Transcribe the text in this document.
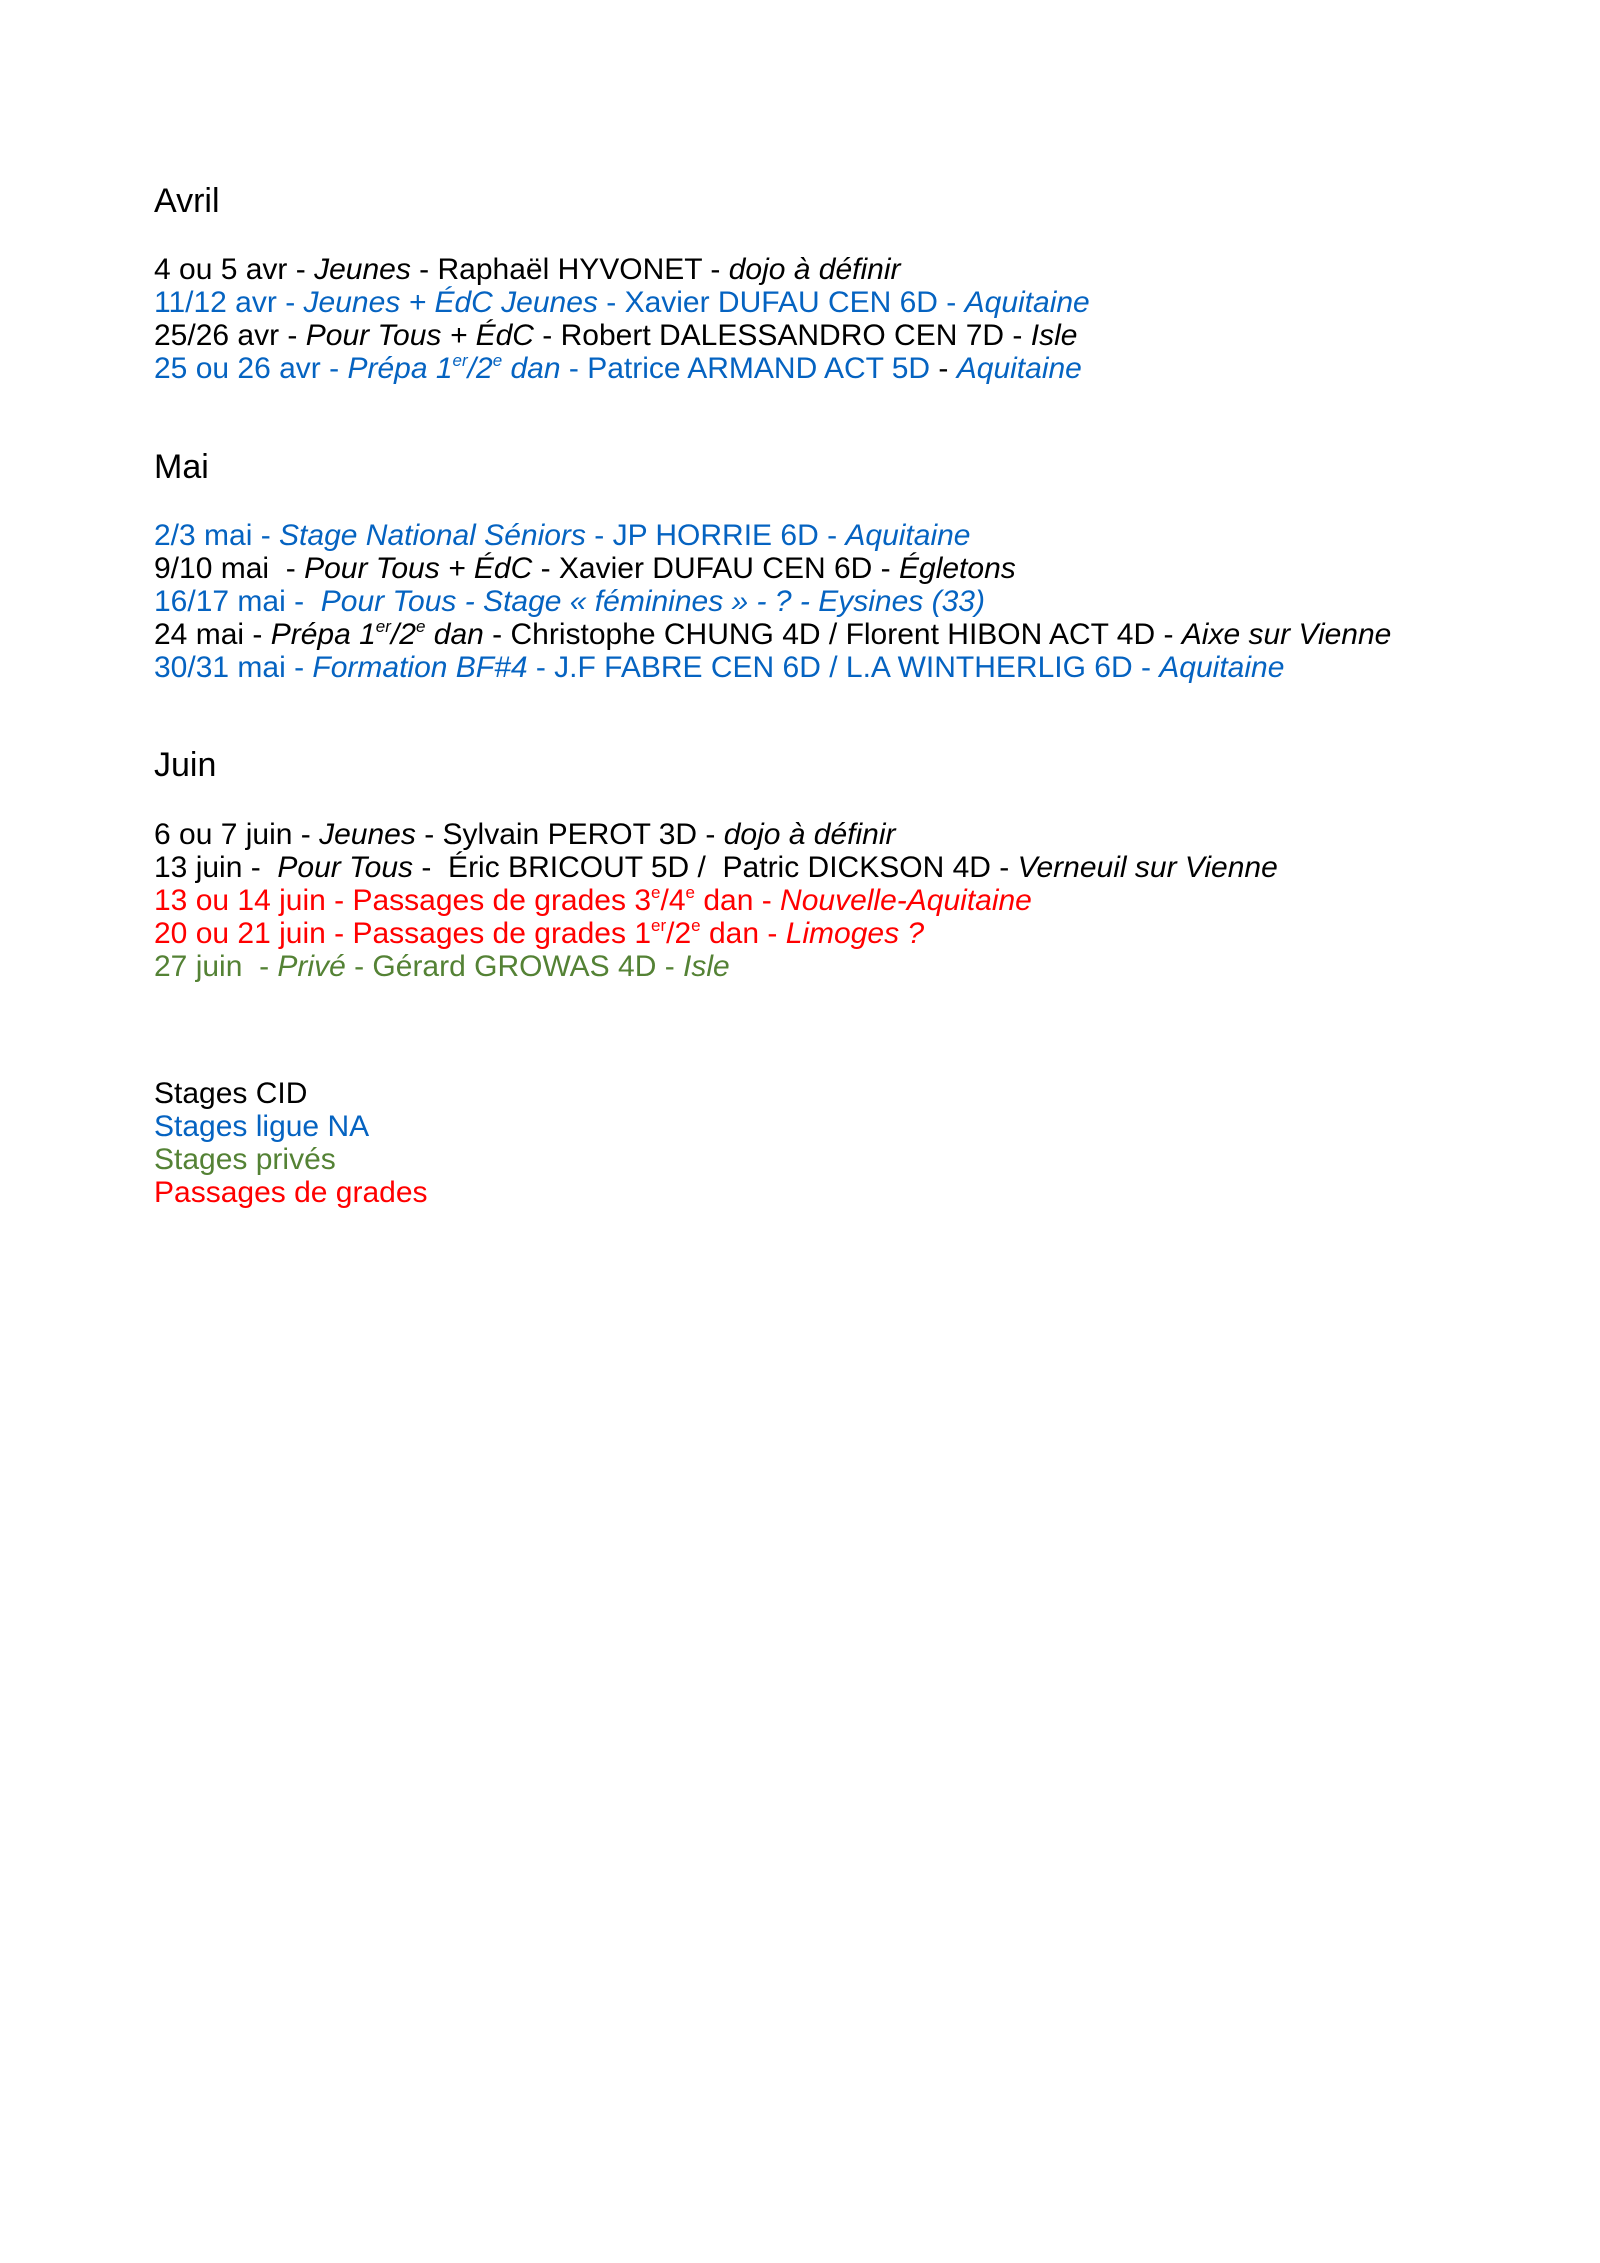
Avril
4 ou 5 avr - Jeunes - Raphaël HYVONET - dojo à définir
11/12 avr - Jeunes + ÉdC Jeunes - Xavier DUFAU CEN 6D - Aquitaine
25/26 avr - Pour Tous + ÉdC - Robert DALESSANDRO CEN 7D - Isle
25 ou 26 avr - Prépa 1er/2e dan - Patrice ARMAND ACT 5D - Aquitaine
Mai
2/3 mai - Stage National Séniors - JP HORRIE 6D - Aquitaine
9/10 mai  - Pour Tous + ÉdC - Xavier DUFAU CEN 6D - Égletons
16/17 mai -  Pour Tous - Stage « féminines » - ? - Eysines (33)
24 mai - Prépa 1er/2e dan - Christophe CHUNG 4D / Florent HIBON ACT 4D - Aixe sur Vienne
30/31 mai - Formation BF#4 - J.F FABRE CEN 6D / L.A WINTHERLIG 6D - Aquitaine
Juin
6 ou 7 juin - Jeunes - Sylvain PEROT 3D - dojo à définir
13 juin -  Pour Tous -  Éric BRICOUT 5D /  Patric DICKSON 4D - Verneuil sur Vienne
13 ou 14 juin - Passages de grades 3e/4e dan - Nouvelle-Aquitaine
20 ou 21 juin - Passages de grades 1er/2e dan - Limoges ?
27 juin  - Privé - Gérard GROWAS 4D - Isle
Stages CID
Stages ligue NA
Stages privés
Passages de grades
